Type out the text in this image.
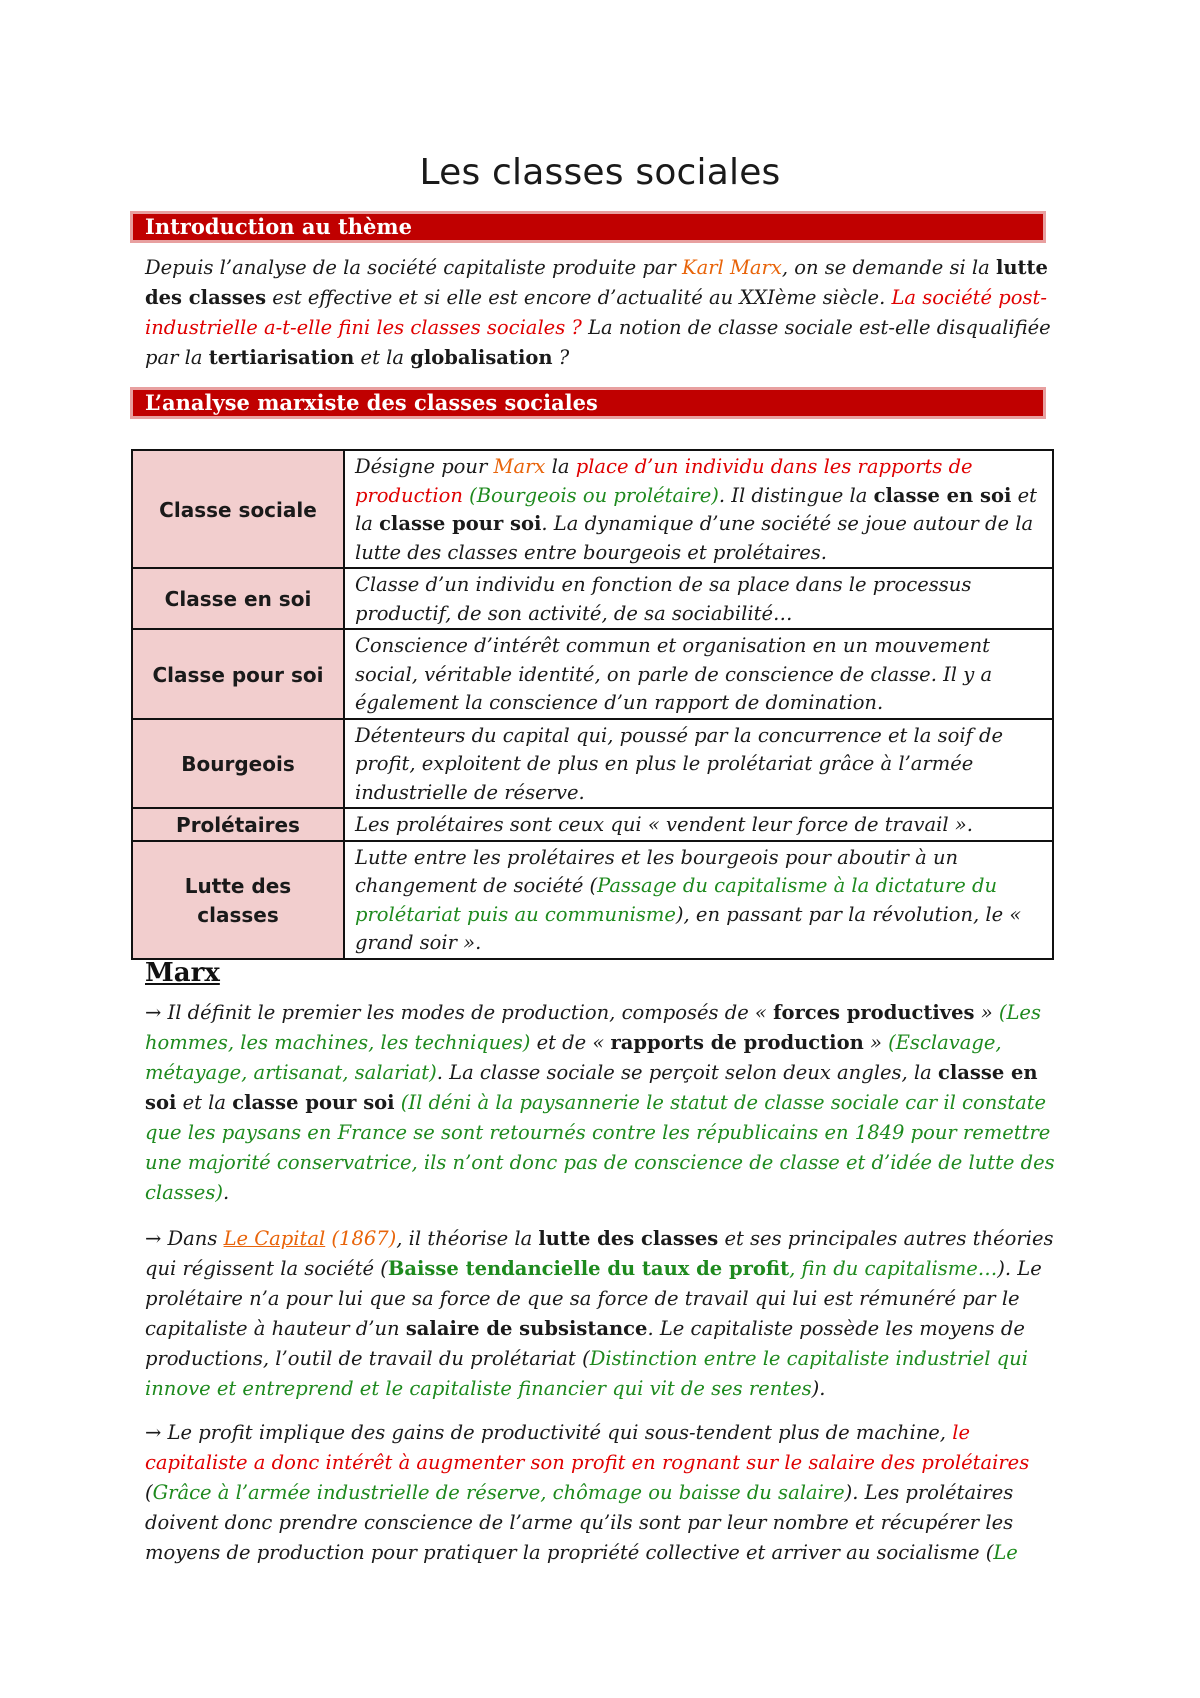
Les classes sociales
Introduction au thème
Depuis l’analyse de la société capitaliste produite par Karl Marx, on se demande si la lutte des classes est effective et si elle est encore d’actualité au XXIème siècle. La société post-industrielle a-t-elle fini les classes sociales ? La notion de classe sociale est-elle disqualifiée par la tertiarisation et la globalisation ?
L’analyse marxiste des classes sociales
Classe sociale	Désigne pour Marx la place d’un individu dans les rapports de production (Bourgeois ou prolétaire). Il distingue la classe en soi et la classe pour soi. La dynamique d’une société se joue autour de la lutte des classes entre bourgeois et prolétaires.
Classe en soi	Classe d’un individu en fonction de sa place dans le processus productif, de son activité, de sa sociabilité…
Classe pour soi	Conscience d’intérêt commun et organisation en un mouvement social, véritable identité, on parle de conscience de classe. Il y a également la conscience d’un rapport de domination.
Bourgeois	Détenteurs du capital qui, poussé par la concurrence et la soif de profit, exploitent de plus en plus le prolétariat grâce à l’armée industrielle de réserve.
Prolétaires	Les prolétaires sont ceux qui « vendent leur force de travail ».
Lutte des classes	Lutte entre les prolétaires et les bourgeois pour aboutir à un changement de société (Passage du capitalisme à la dictature du prolétariat puis au communisme), en passant par la révolution, le « grand soir ».
Marx
→ Il définit le premier les modes de production, composés de « forces productives » (Les hommes, les machines, les techniques) et de « rapports de production » (Esclavage, métayage, artisanat, salariat). La classe sociale se perçoit selon deux angles, la classe en soi et la classe pour soi (Il déni à la paysannerie le statut de classe sociale car il constate que les paysans en France se sont retournés contre les républicains en 1849 pour remettre une majorité conservatrice, ils n’ont donc pas de conscience de classe et d’idée de lutte des classes).
→ Dans Le Capital (1867), il théorise la lutte des classes et ses principales autres théories qui régissent la société (Baisse tendancielle du taux de profit, fin du capitalisme…). Le prolétaire n’a pour lui que sa force de que sa force de travail qui lui est rémunéré par le capitaliste à hauteur d’un salaire de subsistance. Le capitaliste possède les moyens de productions, l’outil de travail du prolétariat (Distinction entre le capitaliste industriel qui innove et entreprend et le capitaliste financier qui vit de ses rentes).
→ Le profit implique des gains de productivité qui sous-tendent plus de machine, le capitaliste a donc intérêt à augmenter son profit en rognant sur le salaire des prolétaires (Grâce à l’armée industrielle de réserve, chômage ou baisse du salaire). Les prolétaires doivent donc prendre conscience de l’arme qu’ils sont par leur nombre et récupérer les moyens de production pour pratiquer la propriété collective et arriver au socialisme (Le
